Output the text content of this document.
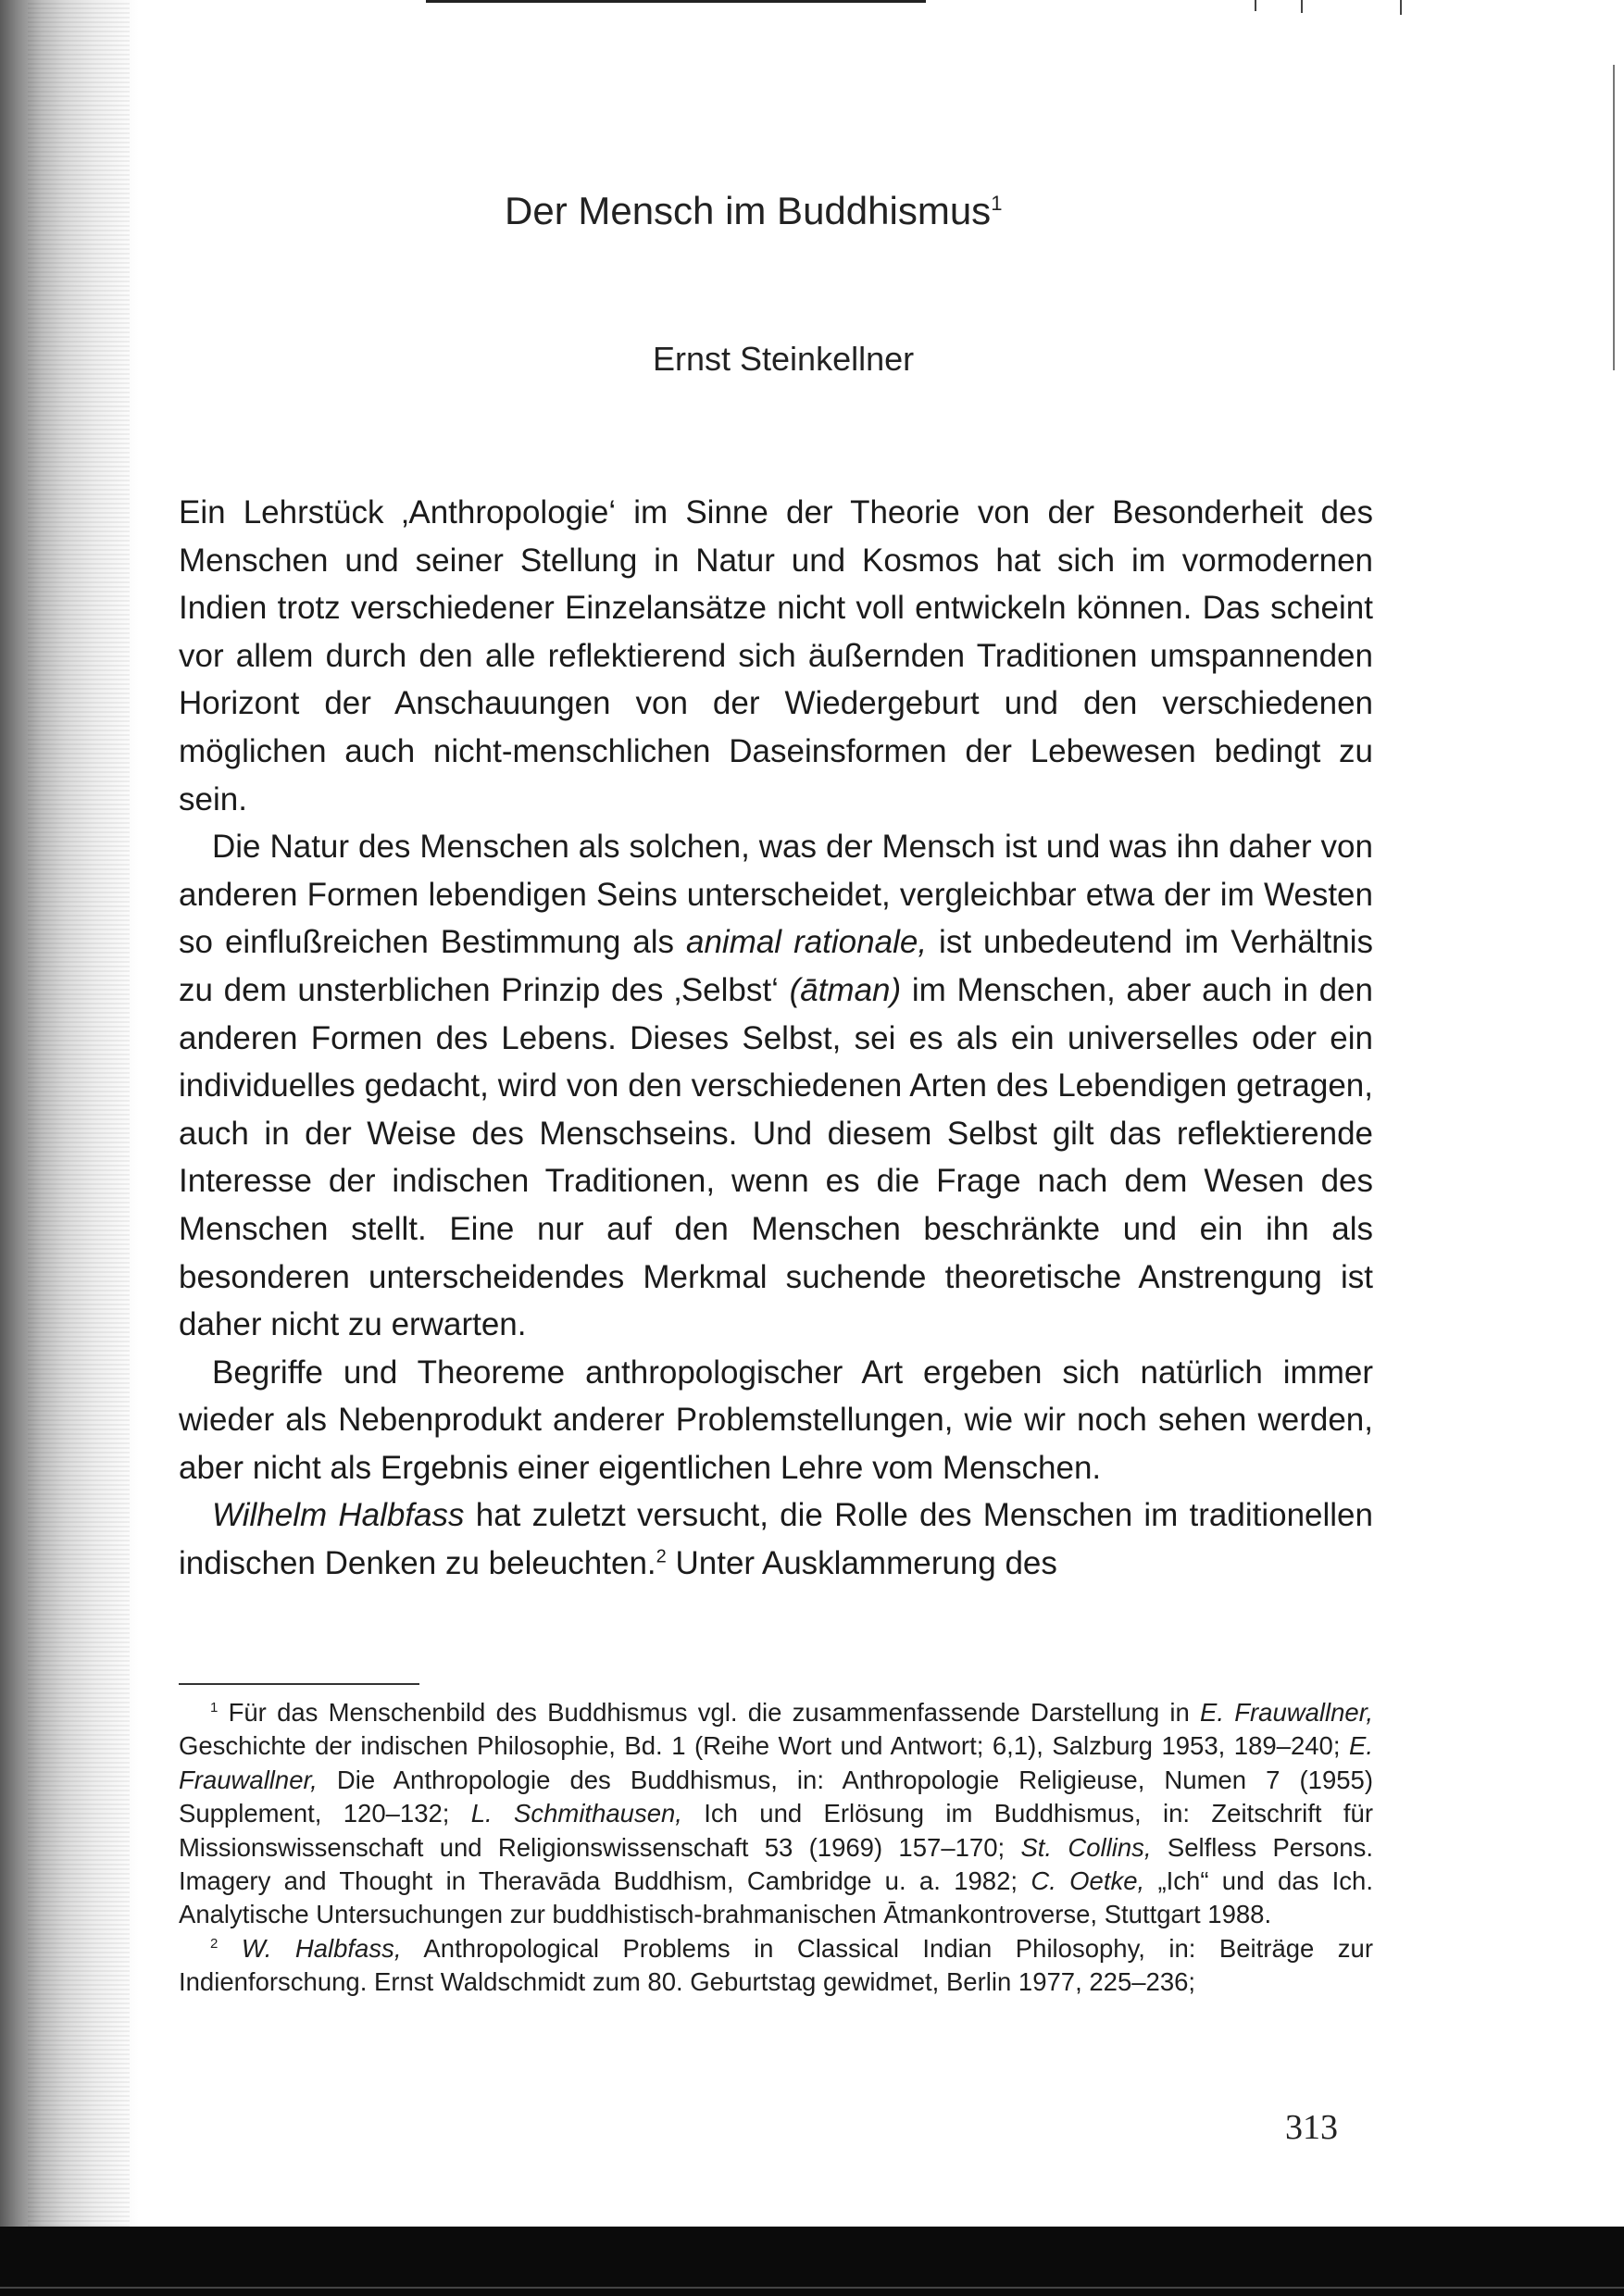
Der Mensch im Buddhismus$^1$
Ernst Steinkellner

Ein Lehrstück ‚Anthropologie‘ im Sinne der Theorie von der Besonderheit des Menschen und seiner Stellung in Natur und Kosmos hat sich im vormodernen Indien trotz verschiedener Einzelansätze nicht voll entwickeln können. Das scheint vor allem durch den alle reflektierend sich äußernden Traditionen umspannenden Horizont der Anschauungen von der Wiedergeburt und den verschiedenen möglichen auch nicht-menschlichen Daseinsformen der Lebewesen bedingt zu sein.

Die Natur des Menschen als solchen, was der Mensch ist und was ihn daher von anderen Formen lebendigen Seins unterscheidet, vergleichbar etwa der im Westen so einflußreichen Bestimmung als animal rationale, ist unbedeutend im Verhältnis zu dem unsterblichen Prinzip des ‚Selbst‘ (ātman) im Menschen, aber auch in den anderen Formen des Lebens. Dieses Selbst, sei es als ein universelles oder ein individuelles gedacht, wird von den verschiedenen Arten des Lebendigen getragen, auch in der Weise des Menschseins. Und diesem Selbst gilt das reflektierende Interesse der indischen Traditionen, wenn es die Frage nach dem Wesen des Menschen stellt. Eine nur auf den Menschen beschränkte und ein ihn als besonderen unterscheidendes Merkmal suchende theoretische Anstrengung ist daher nicht zu erwarten.

Begriffe und Theoreme anthropologischer Art ergeben sich natürlich immer wieder als Nebenprodukt anderer Problemstellungen, wie wir noch sehen werden, aber nicht als Ergebnis einer eigentlichen Lehre vom Menschen.

Wilhelm Halbfass hat zuletzt versucht, die Rolle des Menschen im traditionellen indischen Denken zu beleuchten.$^2$ Unter Ausklammerung des

$^1$ Für das Menschenbild des Buddhismus vgl. die zusammenfassende Darstellung in E. Frauwallner, Geschichte der indischen Philosophie, Bd. 1 (Reihe Wort und Antwort; 6,1), Salzburg 1953, 189–240; E. Frauwallner, Die Anthropologie des Buddhismus, in: Anthropologie Religieuse, Numen 7 (1955) Supplement, 120–132; L. Schmithausen, Ich und Erlösung im Buddhismus, in: Zeitschrift für Missionswissenschaft und Religionswissenschaft 53 (1969) 157–170; St. Collins, Selfless Persons. Imagery and Thought in Theravāda Buddhism, Cambridge u. a. 1982; C. Oetke, „Ich“ und das Ich. Analytische Untersuchungen zur buddhistisch-brahmanischen Ātmankontroverse, Stuttgart 1988.

$^2$ W. Halbfass, Anthropological Problems in Classical Indian Philosophy, in: Beiträge zur Indienforschung. Ernst Waldschmidt zum 80. Geburtstag gewidmet, Berlin 1977, 225–236;

313
